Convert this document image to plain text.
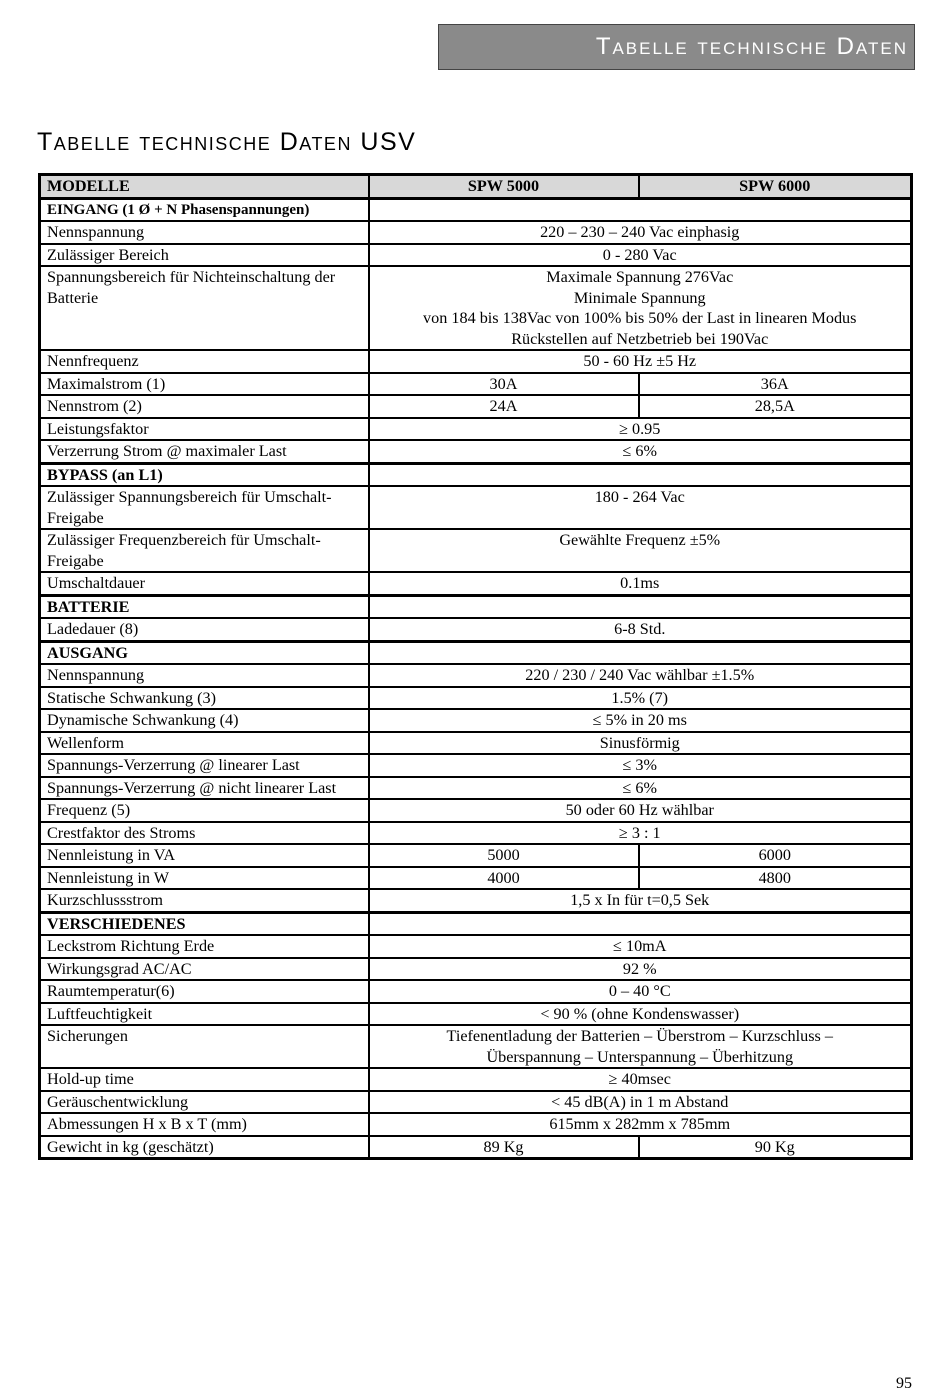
Tabelle technische Daten
Tabelle technische Daten USV
MODELLE	SPW 5000	SPW 6000
EINGANG (1 Ø + N Phasenspannungen)		
Nennspannung	220 – 230 – 240 Vac einphasig	
Zulässiger Bereich	0 - 280 Vac	
Spannungsbereich für Nichteinschaltung der Batterie	Maximale Spannung 276Vac
Minimale Spannung
von 184 bis 138Vac von 100% bis 50% der Last in linearen Modus
Rückstellen auf Netzbetrieb bei 190Vac	

Nennfrequenz	50 - 60 Hz ±5 Hz	
Maximalstrom (1)	30A	36A
Nennstrom (2)	24A	28,5A
Leistungsfaktor	≥ 0.95	
Verzerrung Strom @ maximaler Last	≤ 6%	
BYPASS (an L1)		
Zulässiger Spannungsbereich für Umschalt-Freigabe	180 - 264 Vac	
Zulässiger Frequenzbereich für Umschalt-Freigabe	Gewählte Frequenz ±5%	
Umschaltdauer	0.1ms	
BATTERIE		
Ladedauer (8)	6-8 Std.	
AUSGANG		
Nennspannung	220 / 230 / 240 Vac wählbar ±1.5%	
Statische Schwankung (3)	1.5% (7)	
Dynamische Schwankung (4)	≤ 5% in 20 ms	
Wellenform	Sinusförmig	
Spannungs-Verzerrung @ linearer Last	≤ 3%	
Spannungs-Verzerrung @ nicht linearer Last	≤ 6%	
Frequenz (5)	50 oder 60 Hz wählbar	
Crestfaktor des Stroms	≥ 3 : 1	
Nennleistung in VA	5000	6000
Nennleistung in W	4000	4800
Kurzschlussstrom	1,5 x In für t=0,5 Sek	
VERSCHIEDENES		
Leckstrom Richtung Erde	≤ 10mA	
Wirkungsgrad AC/AC	92 %	
Raumtemperatur(6)	0 – 40 °C	
Luftfeuchtigkeit	< 90 % (ohne Kondenswasser)	
Sicherungen	Tiefenentladung der Batterien – Überstrom – Kurzschluss –
Überspannung – Unterspannung – Überhitzung	

Hold-up time	≥ 40msec	
Geräuschentwicklung	< 45 dB(A) in 1 m Abstand	
Abmessungen H x B x T (mm)	615mm x 282mm x 785mm	
Gewicht in kg (geschätzt)	89 Kg	90 Kg
95
